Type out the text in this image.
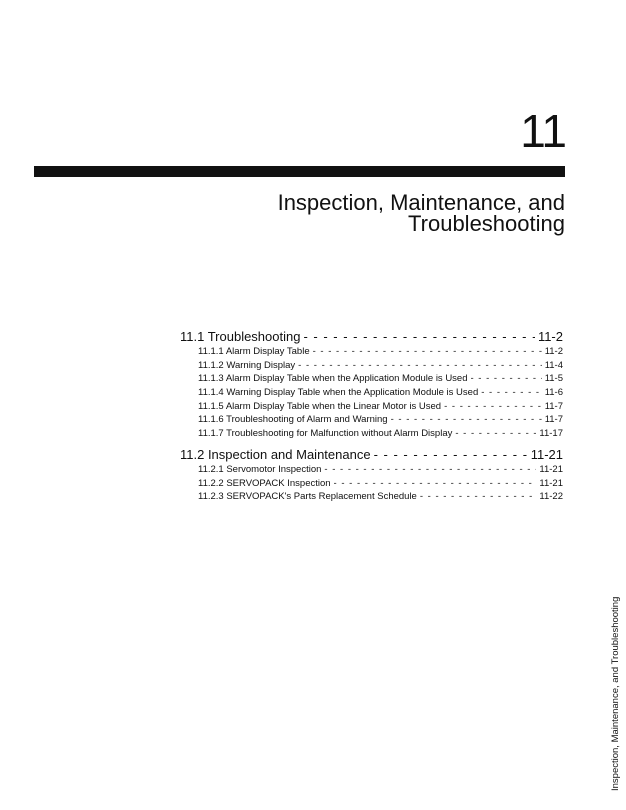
11
Inspection, Maintenance, and
Troubleshooting
11.1 Troubleshooting - - -	11-2
11.1.1 Alarm Display Table - - -	11-2
11.1.2 Warning Display - - -	11-4
11.1.3 Alarm Display Table when the Application Module is Used - - -	11-5
11.1.4 Warning Display Table when the Application Module is Used - - -	11-6
11.1.5 Alarm Display Table when the Linear Motor is Used - - -	11-7
11.1.6 Troubleshooting of Alarm and Warning - - -	11-7
11.1.7 Troubleshooting for Malfunction without Alarm Display - - -	11-17
11.2 Inspection and Maintenance - - -	11-21
11.2.1 Servomotor Inspection - - -	11-21
11.2.2 SERVOPACK Inspection - - -	11-21
11.2.3 SERVOPACK's Parts Replacement Schedule - - -	11-22
Inspection, Maintenance, and Troubleshooting
